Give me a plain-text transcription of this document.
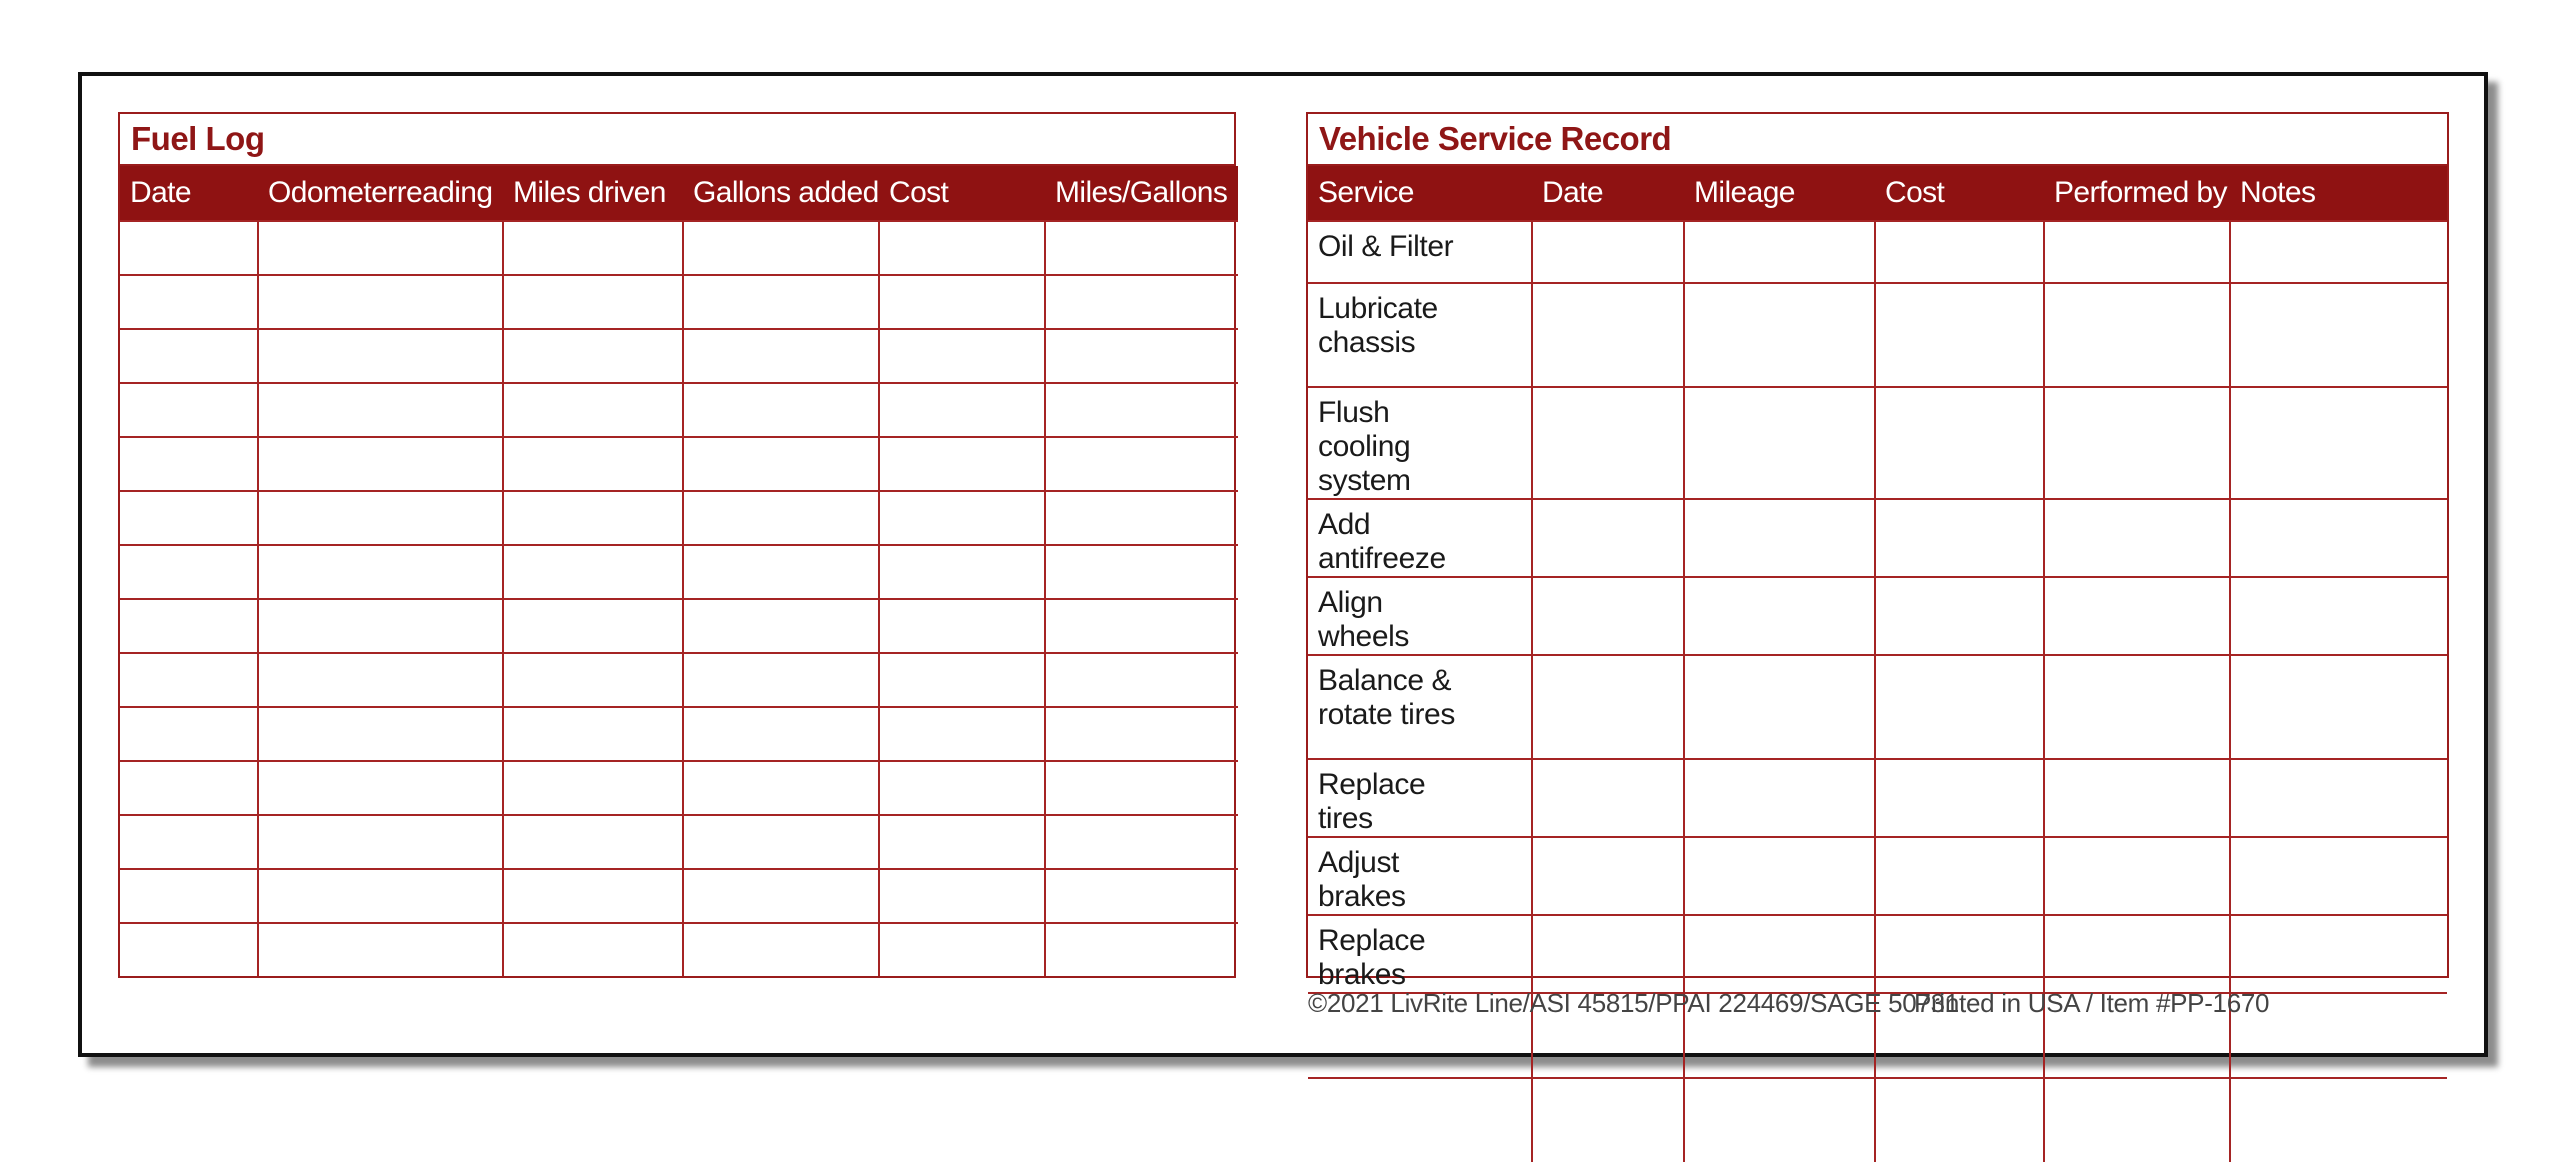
Fuel Log
Date	Odometerreading	Miles driven	Gallons added	Cost	Miles/Gallons

Vehicle Service Record
Service	Date	Mileage	Cost	Performed by	Notes
Oil & Filter					
Lubricate chassis					
Flush cooling system					
Add antifreeze					
Align wheels					
Balance & rotate tires					
Replace tires					
Adjust brakes					
Replace brakes					

©2021 LivRite Line/ASI 45815/PPAI 224469/SAGE 50731
Printed in USA / Item #PP-1670
